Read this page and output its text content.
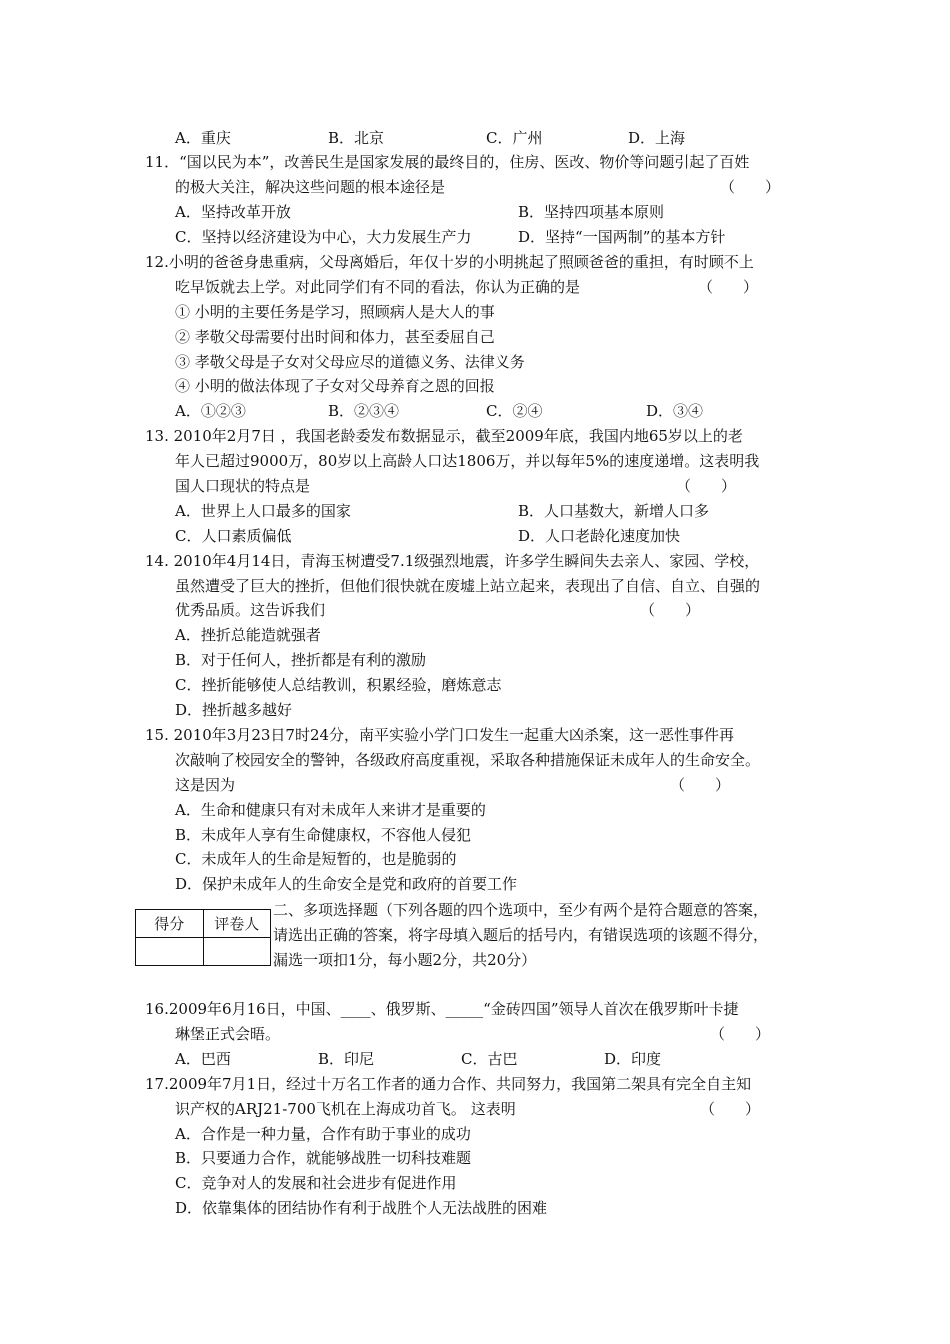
A．重庆	B．北京	C．广州	D．上海
11．“国以民为本”，改善民生是国家发展的最终目的，住房、医改、物价等问题引起了百姓
的极大关注，解决这些问题的根本途径是	（　　）
A．坚持改革开放	B．坚持四项基本原则
C．坚持以经济建设为中心，大力发展生产力	D．坚持“一国两制”的基本方针
12.小明的爸爸身患重病，父母离婚后，年仅十岁的小明挑起了照顾爸爸的重担，有时顾不上
吃早饭就去上学。对此同学们有不同的看法，你认为正确的是	（　　）
① 小明的主要任务是学习，照顾病人是大人的事
② 孝敬父母需要付出时间和体力，甚至委屈自己
③ 孝敬父母是子女对父母应尽的道德义务、法律义务
④ 小明的做法体现了子女对父母养育之恩的回报
A．①②③	B．②③④	C．②④	D．③④
13. 2010年2月7日 ，我国老龄委发布数据显示，截至2009年底，我国内地65岁以上的老
年人已超过9000万，80岁以上高龄人口达1806万，并以每年5%的速度递增。这表明我
国人口现状的特点是	（　　）
A．世界上人口最多的国家	B．人口基数大，新增人口多
C．人口素质偏低	D．人口老龄化速度加快
14. 2010年4月14日，青海玉树遭受7.1级强烈地震，许多学生瞬间失去亲人、家园、学校，
虽然遭受了巨大的挫折，但他们很快就在废墟上站立起来，表现出了自信、自立、自强的
优秀品质。这告诉我们	（　　）
A．挫折总能造就强者
B．对于任何人，挫折都是有利的激励
C．挫折能够使人总结教训，积累经验，磨炼意志
D．挫折越多越好
15. 2010年3月23日7时24分，南平实验小学门口发生一起重大凶杀案，这一恶性事件再
次敲响了校园安全的警钟，各级政府高度重视，采取各种措施保证未成年人的生命安全。
这是因为	（　　）
A．生命和健康只有对未成年人来讲才是重要的
B．未成年人享有生命健康权，不容他人侵犯
C．未成年人的生命是短暂的，也是脆弱的
D．保护未成年人的生命安全是党和政府的首要工作
得分	评卷人

二、多项选择题（下列各题的四个选项中，至少有两个是符合题意的答案，
请选出正确的答案，将字母填入题后的括号内，有错误选项的该题不得分，
漏选一项扣1分，每小题2分，共20分）
16.2009年6月16日，中国、____、俄罗斯、_____“金砖四国”领导人首次在俄罗斯叶卡捷
琳堡正式会晤。	（　　）
A．巴西	B．印尼	C．古巴	D．印度
17.2009年7月1日，经过十万名工作者的通力合作、共同努力，我国第二架具有完全自主知
识产权的ARJ21-700飞机在上海成功首飞。 这表明	（　　）
A．合作是一种力量，合作有助于事业的成功
B．只要通力合作，就能够战胜一切科技难题
C．竞争对人的发展和社会进步有促进作用
D．依靠集体的团结协作有利于战胜个人无法战胜的困难
